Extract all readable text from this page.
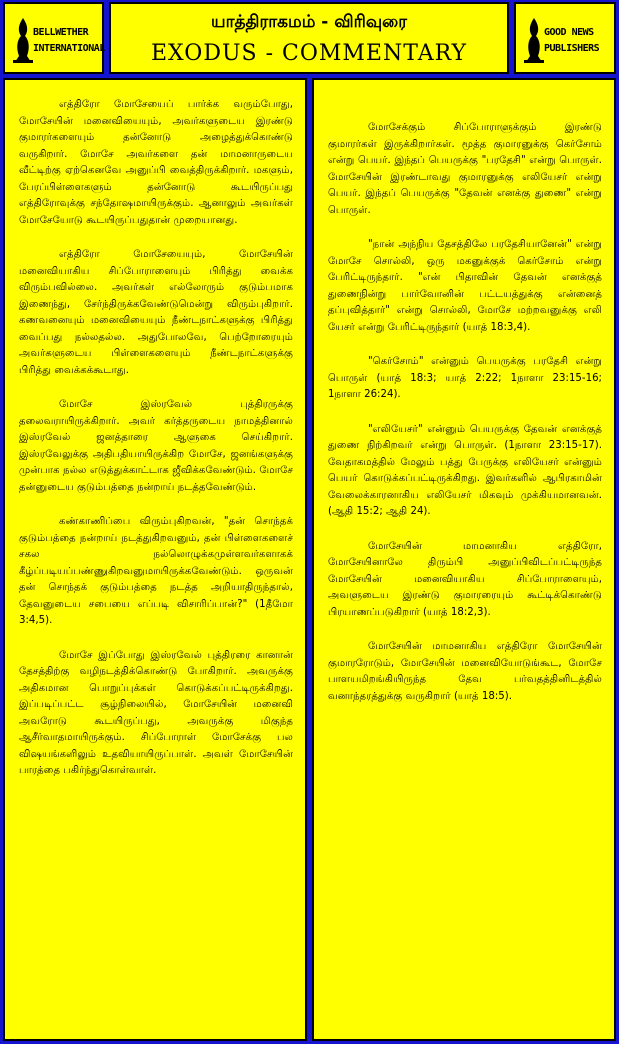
BELLWETHER
INTERNATIONAL
யாத்திராகமம் - விரிவுரை
EXODUS - COMMENTARY
GOOD NEWS
PUBLISHERS

எத்திரோ மோசேயைப் பார்க்க வரும்போது, மோசேயின் மனைவியையும், அவர்களுடைய இரண்டு குமாரர்களையும் தன்னோடு அழைத்துக்கொண்டு வருகிறார். மோசே அவர்களை தன் மாமனாருடைய வீட்டிற்கு ஏற்கெனவே அனுப்பி வைத்திருக்கிறார். மகளும், பேரப்பிள்ளைகளும் தன்னோடு கூடயிருப்பது எத்திரோவுக்கு சந்தோஷமாயிருக்கும். ஆனாலும் அவர்கள் மோசேயோடு கூடயிருப்பதுதான் முறையானது.

எத்திரோ மோசேயையும், மோசேயின் மனைவியாகிய சிப்போராளையும் பிரித்து வைக்க விரும்பவில்லை. அவர்கள் எல்லோரும் குடும்பமாக இணைந்து, சேர்ந்திருக்கவேண்டுமென்று விரும்புகிறார். கணவனையும் மனைவியையும் நீண்டநாட்களுக்கு பிரித்து வைப்பது நல்லதல்ல. அதுபோலவே, பெற்றோரையும் அவர்களுடைய பிள்ளைகளையும் நீண்டநாட்களுக்கு பிரித்து வைக்கக்கூடாது.

மோசே இஸ்ரவேல் புத்திரருக்கு தலைவராயிருக்கிறார். அவர் கர்த்தருடைய நாமத்தினால் இஸ்ரவேல் ஜனத்தாரை ஆளுகை செய்கிறார். இஸ்ரவேலுக்கு அதிபதியாயிருக்கிற மோசே, ஜனங்களுக்கு முன்பாக நல்ல எடுத்துக்காட்டாக ஜீவிக்கவேண்டும். மோசே தன்னுடைய குடும்பத்தை நன்றாய் நடத்தவேண்டும்.

கண்காணிப்பை விரும்புகிறவன், "தன் சொந்தக் குடும்பத்தை நன்றாய் நடத்துகிறவனும், தன் பிள்ளைகளைச் சகல நல்லொழுக்கமுள்ளவர்களாகக் கீழ்ப்படியப்பண்ணுகிறவனுமாயிருக்கவேண்டும். ஒருவன் தன் சொந்தக் குடும்பத்தை நடத்த அறியாதிருந்தால், தேவனுடைய சபையை எப்படி விசாரிப்பான்?" (1தீமோ 3:4,5).

மோசே இப்போது இஸ்ரவேல் புத்திரரை கானான் தேசத்திற்கு வழிநடத்திக்கொண்டு போகிறார். அவருக்கு அதிகமான பொறுப்புக்கள் கொடுக்கப்பட்டிருக்கிறது. இப்படிப்பட்ட சூழ்நிலையில், மோசேயின் மனைவி அவரோடு கூடயிருப்பது, அவருக்கு மிகுந்த ஆசீர்வாதமாயிருக்கும். சிப்போராள் மோசேக்கு பல விஷயங்களிலும் உதவியாயிருப்பாள். அவள் மோசேயின் பாரத்தை பகிர்ந்துகொள்வாள்.

மோசேக்கும் சிப்போராளுக்கும் இரண்டு குமாரர்கள் இருக்கிறார்கள். மூத்த குமாரனுக்கு கெர்சோம் என்று பெயர். இந்தப் பெயருக்கு "பரதேசி" என்று பொருள். மோசேயின் இரண்டாவது குமாரனுக்கு எலியேசர் என்று பெயர். இந்தப் பெயருக்கு "தேவன் எனக்கு துணை" என்று பொருள்.

"நான் அந்நிய தேசத்திலே பரதேசியானேன்" என்று மோசே சொல்லி, ஒரு மகனுக்குக் கெர்சோம் என்று பேரிட்டிருந்தார். "என் பிதாவின் தேவன் எனக்குத் துணைநின்று பார்வோனின் பட்டயத்துக்கு என்னைத் தப்புவித்தார்" என்று சொல்லி, மோசே மற்றவனுக்கு எலி யேசர் என்று பேரிட்டிருந்தார் (யாத் 18:3,4).

"கெர்சோம்" என்னும் பெயருக்கு பரதேசி என்று பொருள் (யாத் 18:3; யாத் 2:22; 1நாளா 23:15-16; 1நாளா 26:24).

"எலியேசர்" என்னும் பெயருக்கு தேவன் எனக்குத் துணை நிற்கிறவர் என்று பொருள். (1நாளா 23:15-17). வேதாகமத்தில் மேலும் பத்து பேருக்கு எலியேசர் என்னும் பெயர் கொடுக்கப்பட்டிருக்கிறது. இவர்களில் ஆபிரகாமின் வேலைக்காரனாகிய எலியேசர் மிகவும் முக்கியமானவன். (ஆதி 15:2; ஆதி 24).

மோசேயின் மாமனாகிய எத்திரோ, மோசேயினாலே திரும்பி அனுப்பிவிடப்பட்டிருந்த மோசேயின் மனைவியாகிய சிப்போராளையும், அவளுடைய இரண்டு குமாரரையும் கூட்டிக்கொண்டு பிரயாணப்படுகிறார் (யாத் 18:2,3).

மோசேயின் மாமனாகிய எத்திரோ மோசேயின் குமாரரோடும், மோசேயின் மனைவியோடுங்கூட, மோசே பாளயமிறங்கியிருந்த தேவ பர்வதத்தினிடத்தில் வனாந்தரத்துக்கு வருகிறார் (யாத் 18:5).
